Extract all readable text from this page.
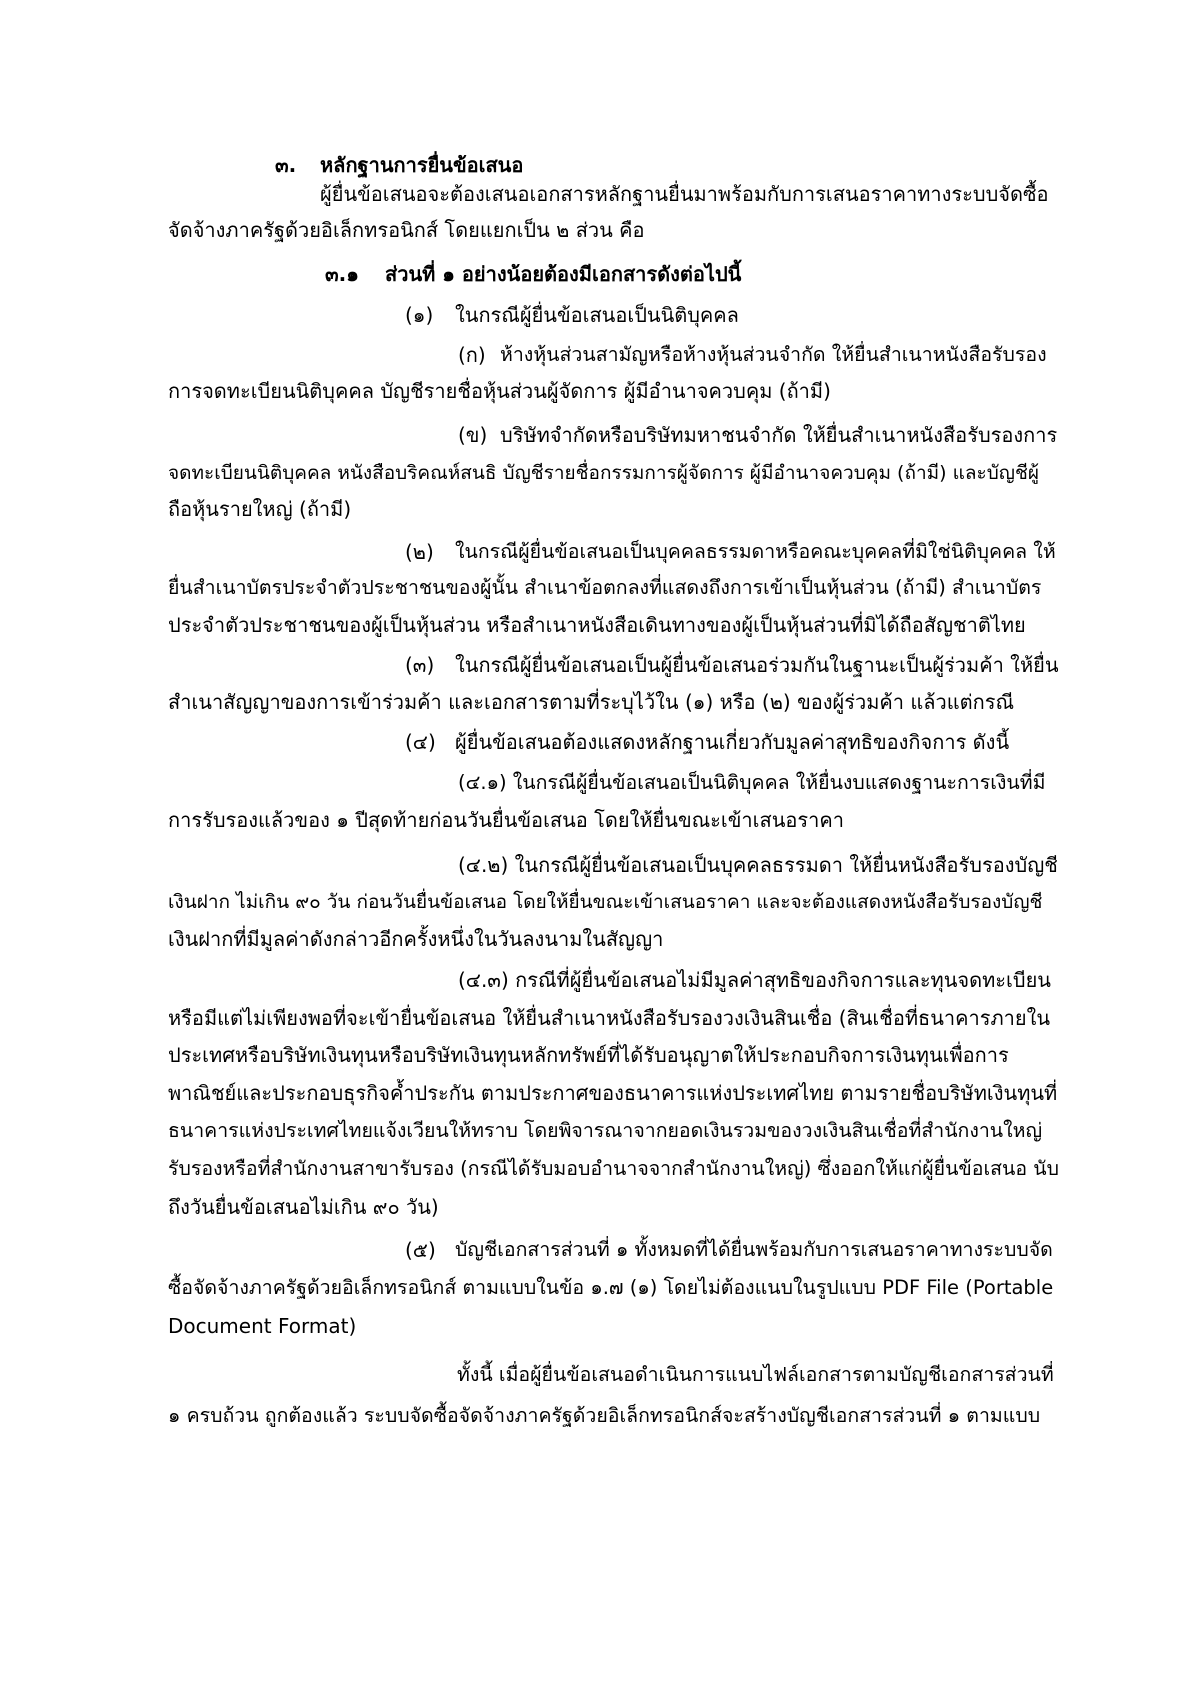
๓. หลักฐานการยื่นข้อเสนอ
ผู้ยื่นข้อเสนอจะต้องเสนอเอกสารหลักฐานยื่นมาพร้อมกับการเสนอราคาทางระบบจัดซื้อ
จัดจ้างภาครัฐด้วยอิเล็กทรอนิกส์ โดยแยกเป็น ๒ ส่วน คือ
๓.๑ ส่วนที่ ๑ อย่างน้อยต้องมีเอกสารดังต่อไปนี้
(๑) ในกรณีผู้ยื่นข้อเสนอเป็นนิติบุคคล
(ก) ห้างหุ้นส่วนสามัญหรือห้างหุ้นส่วนจำกัด ให้ยื่นสำเนาหนังสือรับรอง
การจดทะเบียนนิติบุคคล บัญชีรายชื่อหุ้นส่วนผู้จัดการ ผู้มีอำนาจควบคุม (ถ้ามี)
(ข) บริษัทจำกัดหรือบริษัทมหาชนจำกัด ให้ยื่นสำเนาหนังสือรับรองการ
จดทะเบียนนิติบุคคล หนังสือบริคณห์สนธิ บัญชีรายชื่อกรรมการผู้จัดการ ผู้มีอำนาจควบคุม (ถ้ามี) และบัญชีผู้
ถือหุ้นรายใหญ่ (ถ้ามี)
(๒) ในกรณีผู้ยื่นข้อเสนอเป็นบุคคลธรรมดาหรือคณะบุคคลที่มิใช่นิติบุคคล ให้
ยื่นสำเนาบัตรประจำตัวประชาชนของผู้นั้น สำเนาข้อตกลงที่แสดงถึงการเข้าเป็นหุ้นส่วน (ถ้ามี) สำเนาบัตร
ประจำตัวประชาชนของผู้เป็นหุ้นส่วน หรือสำเนาหนังสือเดินทางของผู้เป็นหุ้นส่วนที่มิได้ถือสัญชาติไทย
(๓) ในกรณีผู้ยื่นข้อเสนอเป็นผู้ยื่นข้อเสนอร่วมกันในฐานะเป็นผู้ร่วมค้า ให้ยื่น
สำเนาสัญญาของการเข้าร่วมค้า และเอกสารตามที่ระบุไว้ใน (๑) หรือ (๒) ของผู้ร่วมค้า แล้วแต่กรณี
(๔) ผู้ยื่นข้อเสนอต้องแสดงหลักฐานเกี่ยวกับมูลค่าสุทธิของกิจการ ดังนี้
(๔.๑) ในกรณีผู้ยื่นข้อเสนอเป็นนิติบุคคล ให้ยื่นงบแสดงฐานะการเงินที่มี
การรับรองแล้วของ ๑ ปีสุดท้ายก่อนวันยื่นข้อเสนอ โดยให้ยื่นขณะเข้าเสนอราคา
(๔.๒) ในกรณีผู้ยื่นข้อเสนอเป็นบุคคลธรรมดา ให้ยื่นหนังสือรับรองบัญชี
เงินฝาก ไม่เกิน ๙๐ วัน ก่อนวันยื่นข้อเสนอ โดยให้ยื่นขณะเข้าเสนอราคา และจะต้องแสดงหนังสือรับรองบัญชี
เงินฝากที่มีมูลค่าดังกล่าวอีกครั้งหนึ่งในวันลงนามในสัญญา
(๔.๓) กรณีที่ผู้ยื่นข้อเสนอไม่มีมูลค่าสุทธิของกิจการและทุนจดทะเบียน
หรือมีแต่ไม่เพียงพอที่จะเข้ายื่นข้อเสนอ ให้ยื่นสำเนาหนังสือรับรองวงเงินสินเชื่อ (สินเชื่อที่ธนาคารภายใน
ประเทศหรือบริษัทเงินทุนหรือบริษัทเงินทุนหลักทรัพย์ที่ได้รับอนุญาตให้ประกอบกิจการเงินทุนเพื่อการ
พาณิชย์และประกอบธุรกิจค้ำประกัน ตามประกาศของธนาคารแห่งประเทศไทย ตามรายชื่อบริษัทเงินทุนที่
ธนาคารแห่งประเทศไทยแจ้งเวียนให้ทราบ โดยพิจารณาจากยอดเงินรวมของวงเงินสินเชื่อที่สำนักงานใหญ่
รับรองหรือที่สำนักงานสาขารับรอง (กรณีได้รับมอบอำนาจจากสำนักงานใหญ่) ซึ่งออกให้แก่ผู้ยื่นข้อเสนอ นับ
ถึงวันยื่นข้อเสนอไม่เกิน ๙๐ วัน)
(๕) บัญชีเอกสารส่วนที่ ๑ ทั้งหมดที่ได้ยื่นพร้อมกับการเสนอราคาทางระบบจัด
ซื้อจัดจ้างภาครัฐด้วยอิเล็กทรอนิกส์ ตามแบบในข้อ ๑.๗ (๑) โดยไม่ต้องแนบในรูปแบบ PDF File (Portable
Document Format)
ทั้งนี้ เมื่อผู้ยื่นข้อเสนอดำเนินการแนบไฟล์เอกสารตามบัญชีเอกสารส่วนที่
๑ ครบถ้วน ถูกต้องแล้ว ระบบจัดซื้อจัดจ้างภาครัฐด้วยอิเล็กทรอนิกส์จะสร้างบัญชีเอกสารส่วนที่ ๑ ตามแบบ
